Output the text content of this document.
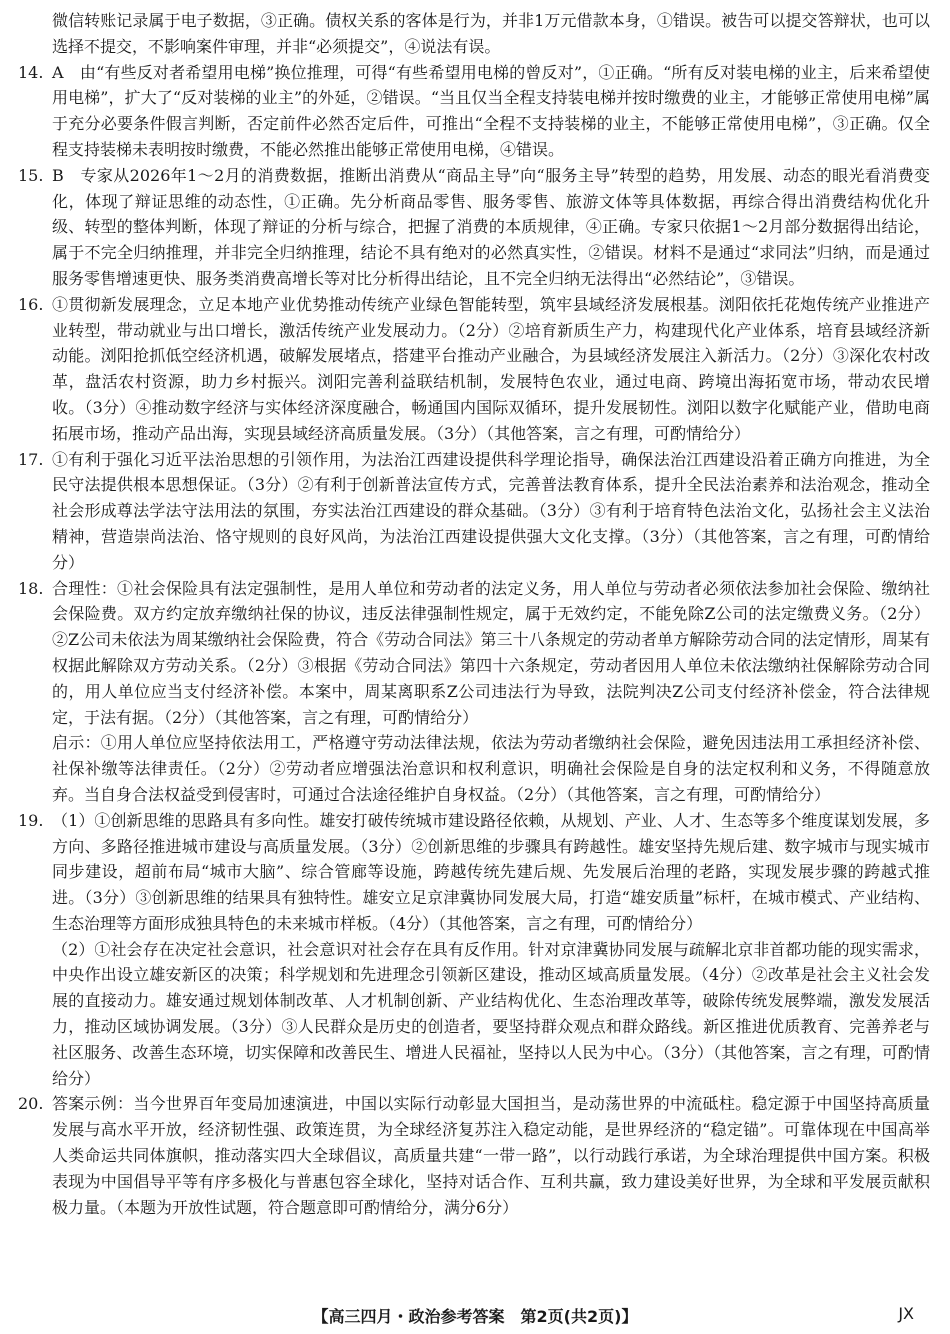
微信转账记录属于电子数据，③正确。债权关系的客体是行为，并非1万元借款本身，①错误。被告可以提交答辩状，也可以选择不提交，不影响案件审理，并非“必须提交”，④说法有误。

14. A　由“有些反对者希望用电梯”换位推理，可得“有些希望用电梯的曾反对”，①正确。“所有反对装电梯的业主，后来希望使用电梯”，扩大了“反对装梯的业主”的外延，②错误。“当且仅当全程支持装电梯并按时缴费的业主，才能够正常使用电梯”属于充分必要条件假言判断，否定前件必然否定后件，可推出“全程不支持装梯的业主，不能够正常使用电梯”，③正确。仅全程支持装梯未表明按时缴费，不能必然推出能够正常使用电梯，④错误。

15. B　专家从2026年1～2月的消费数据，推断出消费从“商品主导”向“服务主导”转型的趋势，用发展、动态的眼光看消费变化，体现了辩证思维的动态性，①正确。先分析商品零售、服务零售、旅游文体等具体数据，再综合得出消费结构优化升级、转型的整体判断，体现了辩证的分析与综合，把握了消费的本质规律，④正确。专家只依据1～2月部分数据得出结论，属于不完全归纳推理，并非完全归纳推理，结论不具有绝对的必然真实性，②错误。材料不是通过“求同法”归纳，而是通过服务零售增速更快、服务类消费高增长等对比分析得出结论，且不完全归纳无法得出“必然结论”，③错误。

16. ①贯彻新发展理念，立足本地产业优势推动传统产业绿色智能转型，筑牢县域经济发展根基。浏阳依托花炮传统产业推进产业转型，带动就业与出口增长，激活传统产业发展动力。（2分）②培育新质生产力，构建现代化产业体系，培育县域经济新动能。浏阳抢抓低空经济机遇，破解发展堵点，搭建平台推动产业融合，为县域经济发展注入新活力。（2分）③深化农村改革，盘活农村资源，助力乡村振兴。浏阳完善利益联结机制，发展特色农业，通过电商、跨境出海拓宽市场，带动农民增收。（3分）④推动数字经济与实体经济深度融合，畅通国内国际双循环，提升发展韧性。浏阳以数字化赋能产业，借助电商拓展市场，推动产品出海，实现县域经济高质量发展。（3分）（其他答案，言之有理，可酌情给分）

17. ①有利于强化习近平法治思想的引领作用，为法治江西建设提供科学理论指导，确保法治江西建设沿着正确方向推进，为全民守法提供根本思想保证。（3分）②有利于创新普法宣传方式，完善普法教育体系，提升全民法治素养和法治观念，推动全社会形成尊法学法守法用法的氛围，夯实法治江西建设的群众基础。（3分）③有利于培育特色法治文化，弘扬社会主义法治精神，营造崇尚法治、恪守规则的良好风尚，为法治江西建设提供强大文化支撑。（3分）（其他答案，言之有理，可酌情给分）

18. 合理性：①社会保险具有法定强制性，是用人单位和劳动者的法定义务，用人单位与劳动者必须依法参加社会保险、缴纳社会保险费。双方约定放弃缴纳社保的协议，违反法律强制性规定，属于无效约定，不能免除Z公司的法定缴费义务。（2分）②Z公司未依法为周某缴纳社会保险费，符合《劳动合同法》第三十八条规定的劳动者单方解除劳动合同的法定情形，周某有权据此解除双方劳动关系。（2分）③根据《劳动合同法》第四十六条规定，劳动者因用人单位未依法缴纳社保解除劳动合同的，用人单位应当支付经济补偿。本案中，周某离职系Z公司违法行为导致，法院判决Z公司支付经济补偿金，符合法律规定，于法有据。（2分）（其他答案，言之有理，可酌情给分）

启示：①用人单位应坚持依法用工，严格遵守劳动法律法规，依法为劳动者缴纳社会保险，避免因违法用工承担经济补偿、社保补缴等法律责任。（2分）②劳动者应增强法治意识和权利意识，明确社会保险是自身的法定权利和义务，不得随意放弃。当自身合法权益受到侵害时，可通过合法途径维护自身权益。（2分）（其他答案，言之有理，可酌情给分）

19. （1）①创新思维的思路具有多向性。雄安打破传统城市建设路径依赖，从规划、产业、人才、生态等多个维度谋划发展，多方向、多路径推进城市建设与高质量发展。（3分）②创新思维的步骤具有跨越性。雄安坚持先规后建、数字城市与现实城市同步建设，超前布局“城市大脑”、综合管廊等设施，跨越传统先建后规、先发展后治理的老路，实现发展步骤的跨越式推进。（3分）③创新思维的结果具有独特性。雄安立足京津冀协同发展大局，打造“雄安质量”标杆，在城市模式、产业结构、生态治理等方面形成独具特色的未来城市样板。（4分）（其他答案，言之有理，可酌情给分）

（2）①社会存在决定社会意识，社会意识对社会存在具有反作用。针对京津冀协同发展与疏解北京非首都功能的现实需求，中央作出设立雄安新区的决策；科学规划和先进理念引领新区建设，推动区域高质量发展。（4分）②改革是社会主义社会发展的直接动力。雄安通过规划体制改革、人才机制创新、产业结构优化、生态治理改革等，破除传统发展弊端，激发发展活力，推动区域协调发展。（3分）③人民群众是历史的创造者，要坚持群众观点和群众路线。新区推进优质教育、完善养老与社区服务、改善生态环境，切实保障和改善民生、增进人民福祉，坚持以人民为中心。（3分）（其他答案，言之有理，可酌情给分）

20. 答案示例：当今世界百年变局加速演进，中国以实际行动彰显大国担当，是动荡世界的中流砥柱。稳定源于中国坚持高质量发展与高水平开放，经济韧性强、政策连贯，为全球经济复苏注入稳定动能，是世界经济的“稳定锚”。可靠体现在中国高举人类命运共同体旗帜，推动落实四大全球倡议，高质量共建“一带一路”，以行动践行承诺，为全球治理提供中国方案。积极表现为中国倡导平等有序多极化与普惠包容全球化，坚持对话合作、互利共赢，致力建设美好世界，为全球和平发展贡献积极力量。（本题为开放性试题，符合题意即可酌情给分，满分6分）

【高三四月・政治参考答案　第2页(共2页)】	JX
